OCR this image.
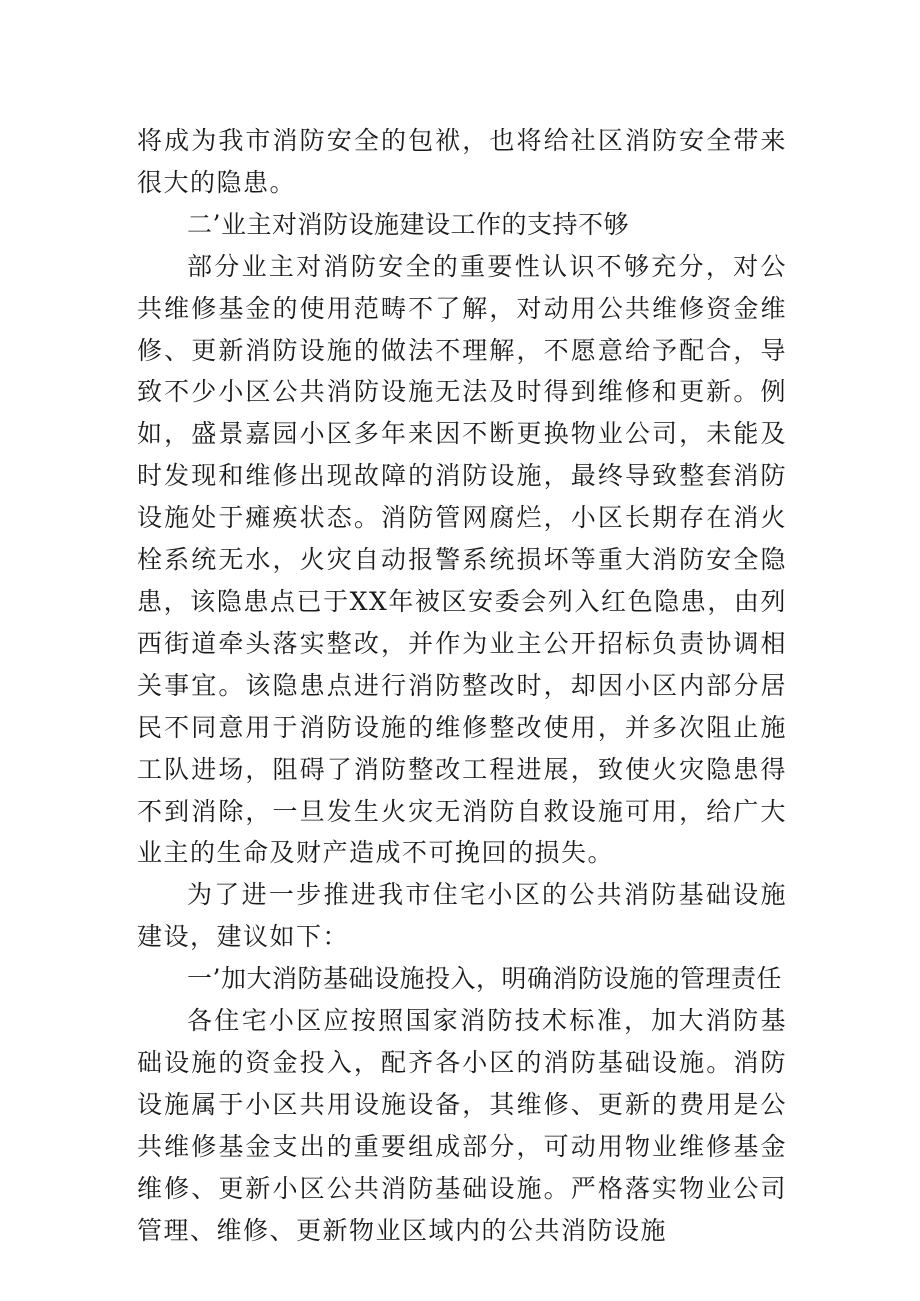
将成为我市消防安全的包袱，也将给社区消防安全带来很大的隐患。

二’业主对消防设施建设工作的支持不够

部分业主对消防安全的重要性认识不够充分，对公共维修基金的使用范畴不了解，对动用公共维修资金维修、更新消防设施的做法不理解，不愿意给予配合，导致不少小区公共消防设施无法及时得到维修和更新。例如，盛景嘉园小区多年来因不断更换物业公司，未能及时发现和维修出现故障的消防设施，最终导致整套消防设施处于瘫痪状态。消防管网腐烂，小区长期存在消火栓系统无水，火灾自动报警系统损坏等重大消防安全隐患，该隐患点已于XX年被区安委会列入红色隐患，由列西街道牵头落实整改，并作为业主公开招标负责协调相关事宜。该隐患点进行消防整改时，却因小区内部分居民不同意用于消防设施的维修整改使用，并多次阻止施工队进场，阻碍了消防整改工程进展，致使火灾隐患得不到消除，一旦发生火灾无消防自救设施可用，给广大业主的生命及财产造成不可挽回的损失。

为了进一步推进我市住宅小区的公共消防基础设施建设，建议如下：

一’加大消防基础设施投入，明确消防设施的管理责任

各住宅小区应按照国家消防技术标准，加大消防基础设施的资金投入，配齐各小区的消防基础设施。消防设施属于小区共用设施设备，其维修、更新的费用是公共维修基金支出的重要组成部分，可动用物业维修基金维修、更新小区公共消防基础设施。严格落实物业公司管理、维修、更新物业区域内的公共消防设施
